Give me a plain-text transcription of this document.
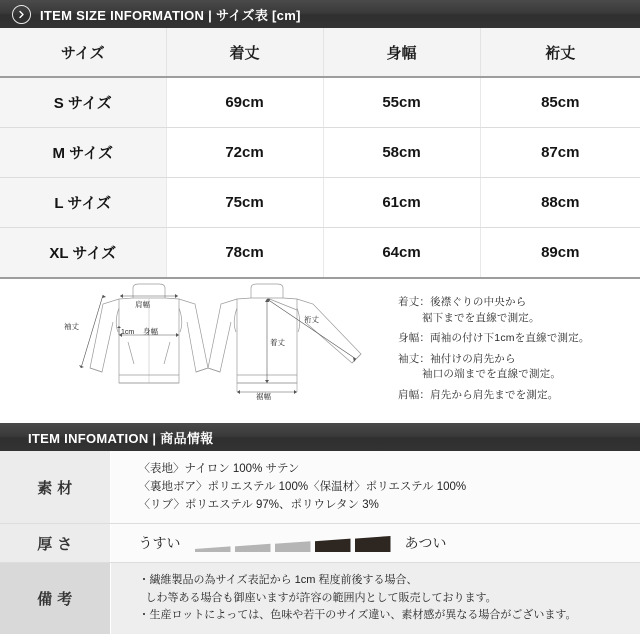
ITEM SIZE INFORMATION | サイズ表 [cm]
サイズ	着丈	身幅	裄丈
S サイズ	69cm	55cm	85cm
M サイズ	72cm	58cm	87cm
L サイズ	75cm	61cm	88cm
XL サイズ	78cm	64cm	89cm
肩幅
袖丈
1cm 身幅
裄丈
着丈
裾幅
着丈：後襟ぐりの中央から
裾下までを直線で測定。
身幅：両袖の付け下1cmを直線で測定。
袖丈：袖付けの肩先から
袖口の端までを直線で測定。
肩幅：肩先から肩先までを測定。
ITEM INFOMATION | 商品情報
素材	〈表地〉ナイロン 100% サテン
〈裏地ボア〉ポリエステル 100%〈保温材〉ポリエステル 100%
〈リブ〉ポリエステル 97%、ポリウレタン 3%

厚さ	うすい あつい

備考	・繊維製品の為サイズ表記から 1cm 程度前後する場合、
しわ等ある場合も御座いますが許容の範囲内として販売しております。
・生産ロットによっては、色味や若干のサイズ違い、素材感が異なる場合がございます。
